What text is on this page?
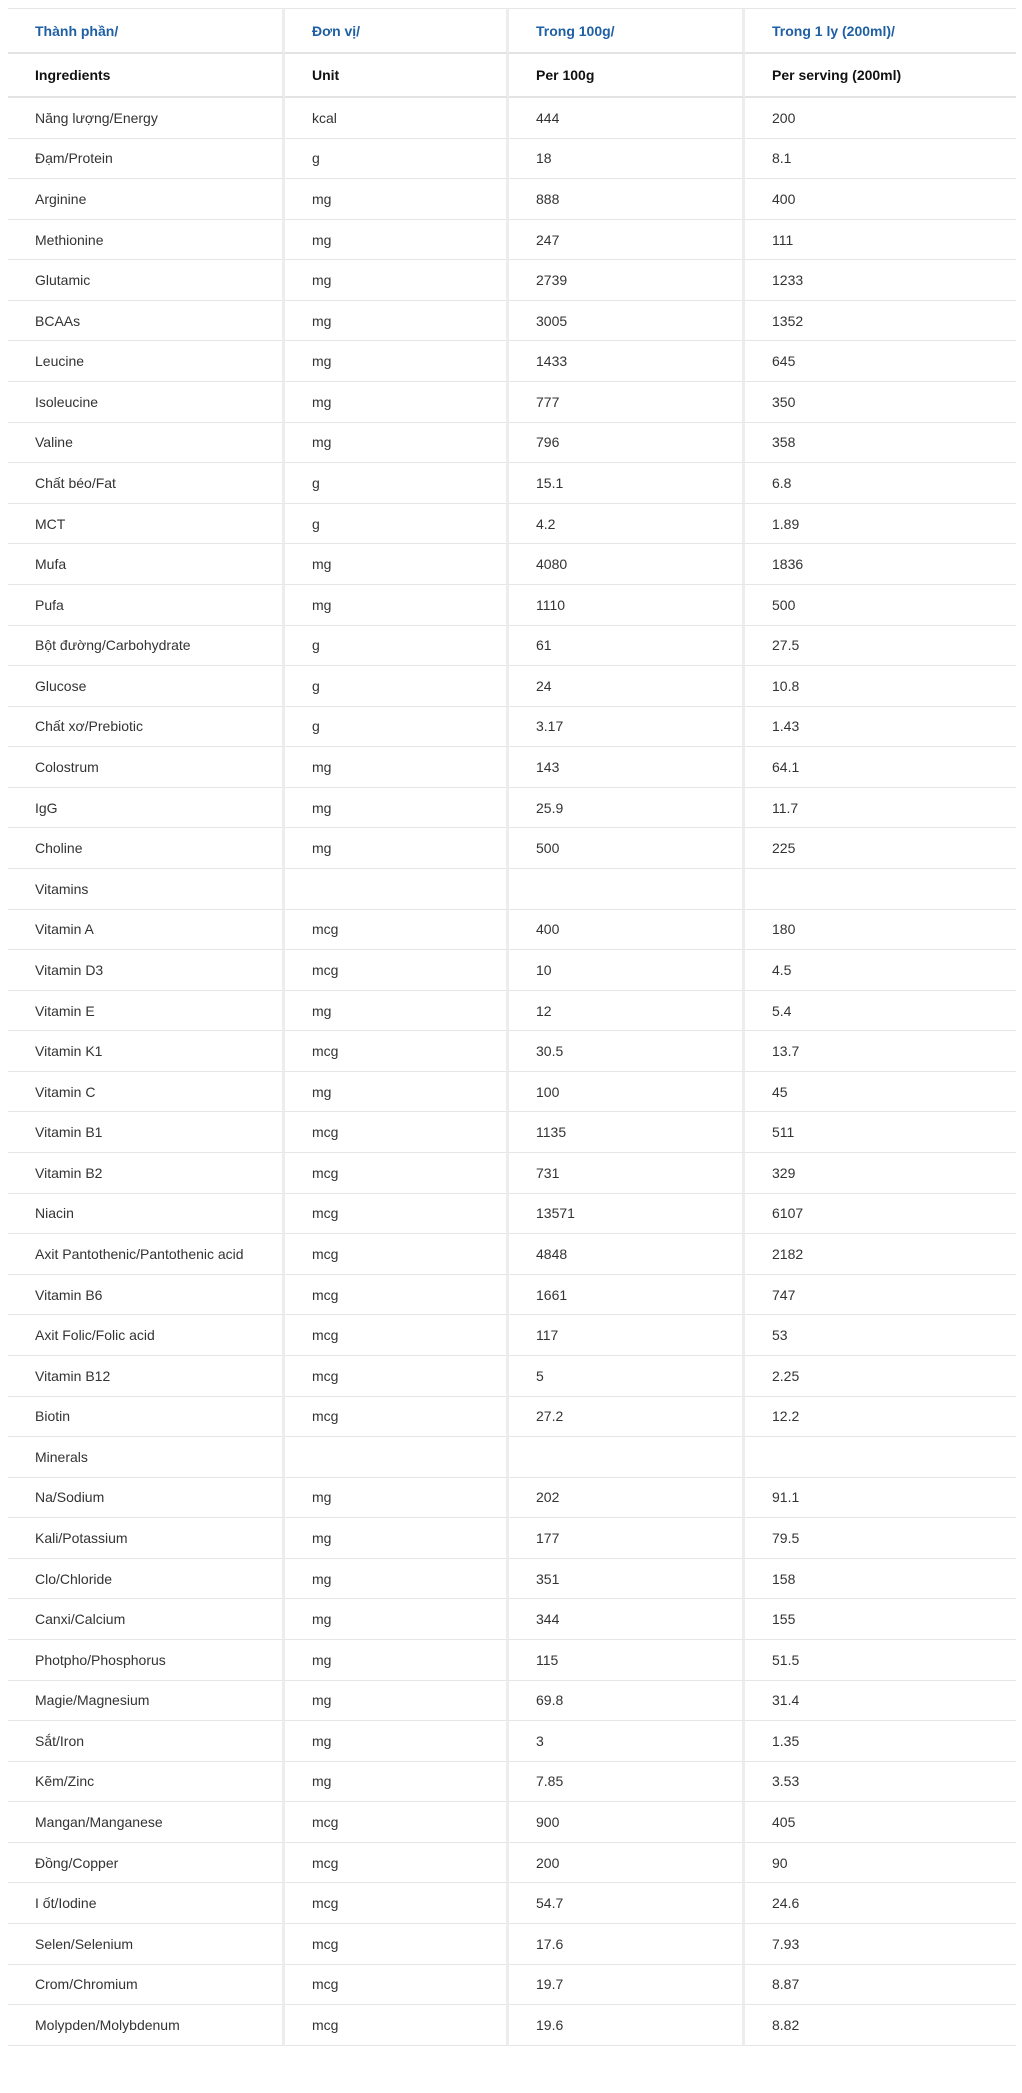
Thành phần/	Đơn vị/	Trong 100g/	Trong 1 ly (200ml)/
Ingredients	Unit	Per 100g	Per serving (200ml)
Năng lượng/Energy	kcal	444	200
Đạm/Protein	g	18	8.1
Arginine	mg	888	400
Methionine	mg	247	111
Glutamic	mg	2739	1233
BCAAs	mg	3005	1352
Leucine	mg	1433	645
Isoleucine	mg	777	350
Valine	mg	796	358
Chất béo/Fat	g	15.1	6.8
MCT	g	4.2	1.89
Mufa	mg	4080	1836
Pufa	mg	1110	500
Bột đường/Carbohydrate	g	61	27.5
Glucose	g	24	10.8
Chất xơ/Prebiotic	g	3.17	1.43
Colostrum	mg	143	64.1
IgG	mg	25.9	11.7
Choline	mg	500	225
Vitamins			
Vitamin A	mcg	400	180
Vitamin D3	mcg	10	4.5
Vitamin E	mg	12	5.4
Vitamin K1	mcg	30.5	13.7
Vitamin C	mg	100	45
Vitamin B1	mcg	1135	511
Vitamin B2	mcg	731	329
Niacin	mcg	13571	6107
Axit Pantothenic/Pantothenic acid	mcg	4848	2182
Vitamin B6	mcg	1661	747
Axit Folic/Folic acid	mcg	117	53
Vitamin B12	mcg	5	2.25
Biotin	mcg	27.2	12.2
Minerals			
Na/Sodium	mg	202	91.1
Kali/Potassium	mg	177	79.5
Clo/Chloride	mg	351	158
Canxi/Calcium	mg	344	155
Photpho/Phosphorus	mg	115	51.5
Magie/Magnesium	mg	69.8	31.4
Sắt/Iron	mg	3	1.35
Kẽm/Zinc	mg	7.85	3.53
Mangan/Manganese	mcg	900	405
Đồng/Copper	mcg	200	90
I ốt/Iodine	mcg	54.7	24.6
Selen/Selenium	mcg	17.6	7.93
Crom/Chromium	mcg	19.7	8.87
Molypden/Molybdenum	mcg	19.6	8.82
